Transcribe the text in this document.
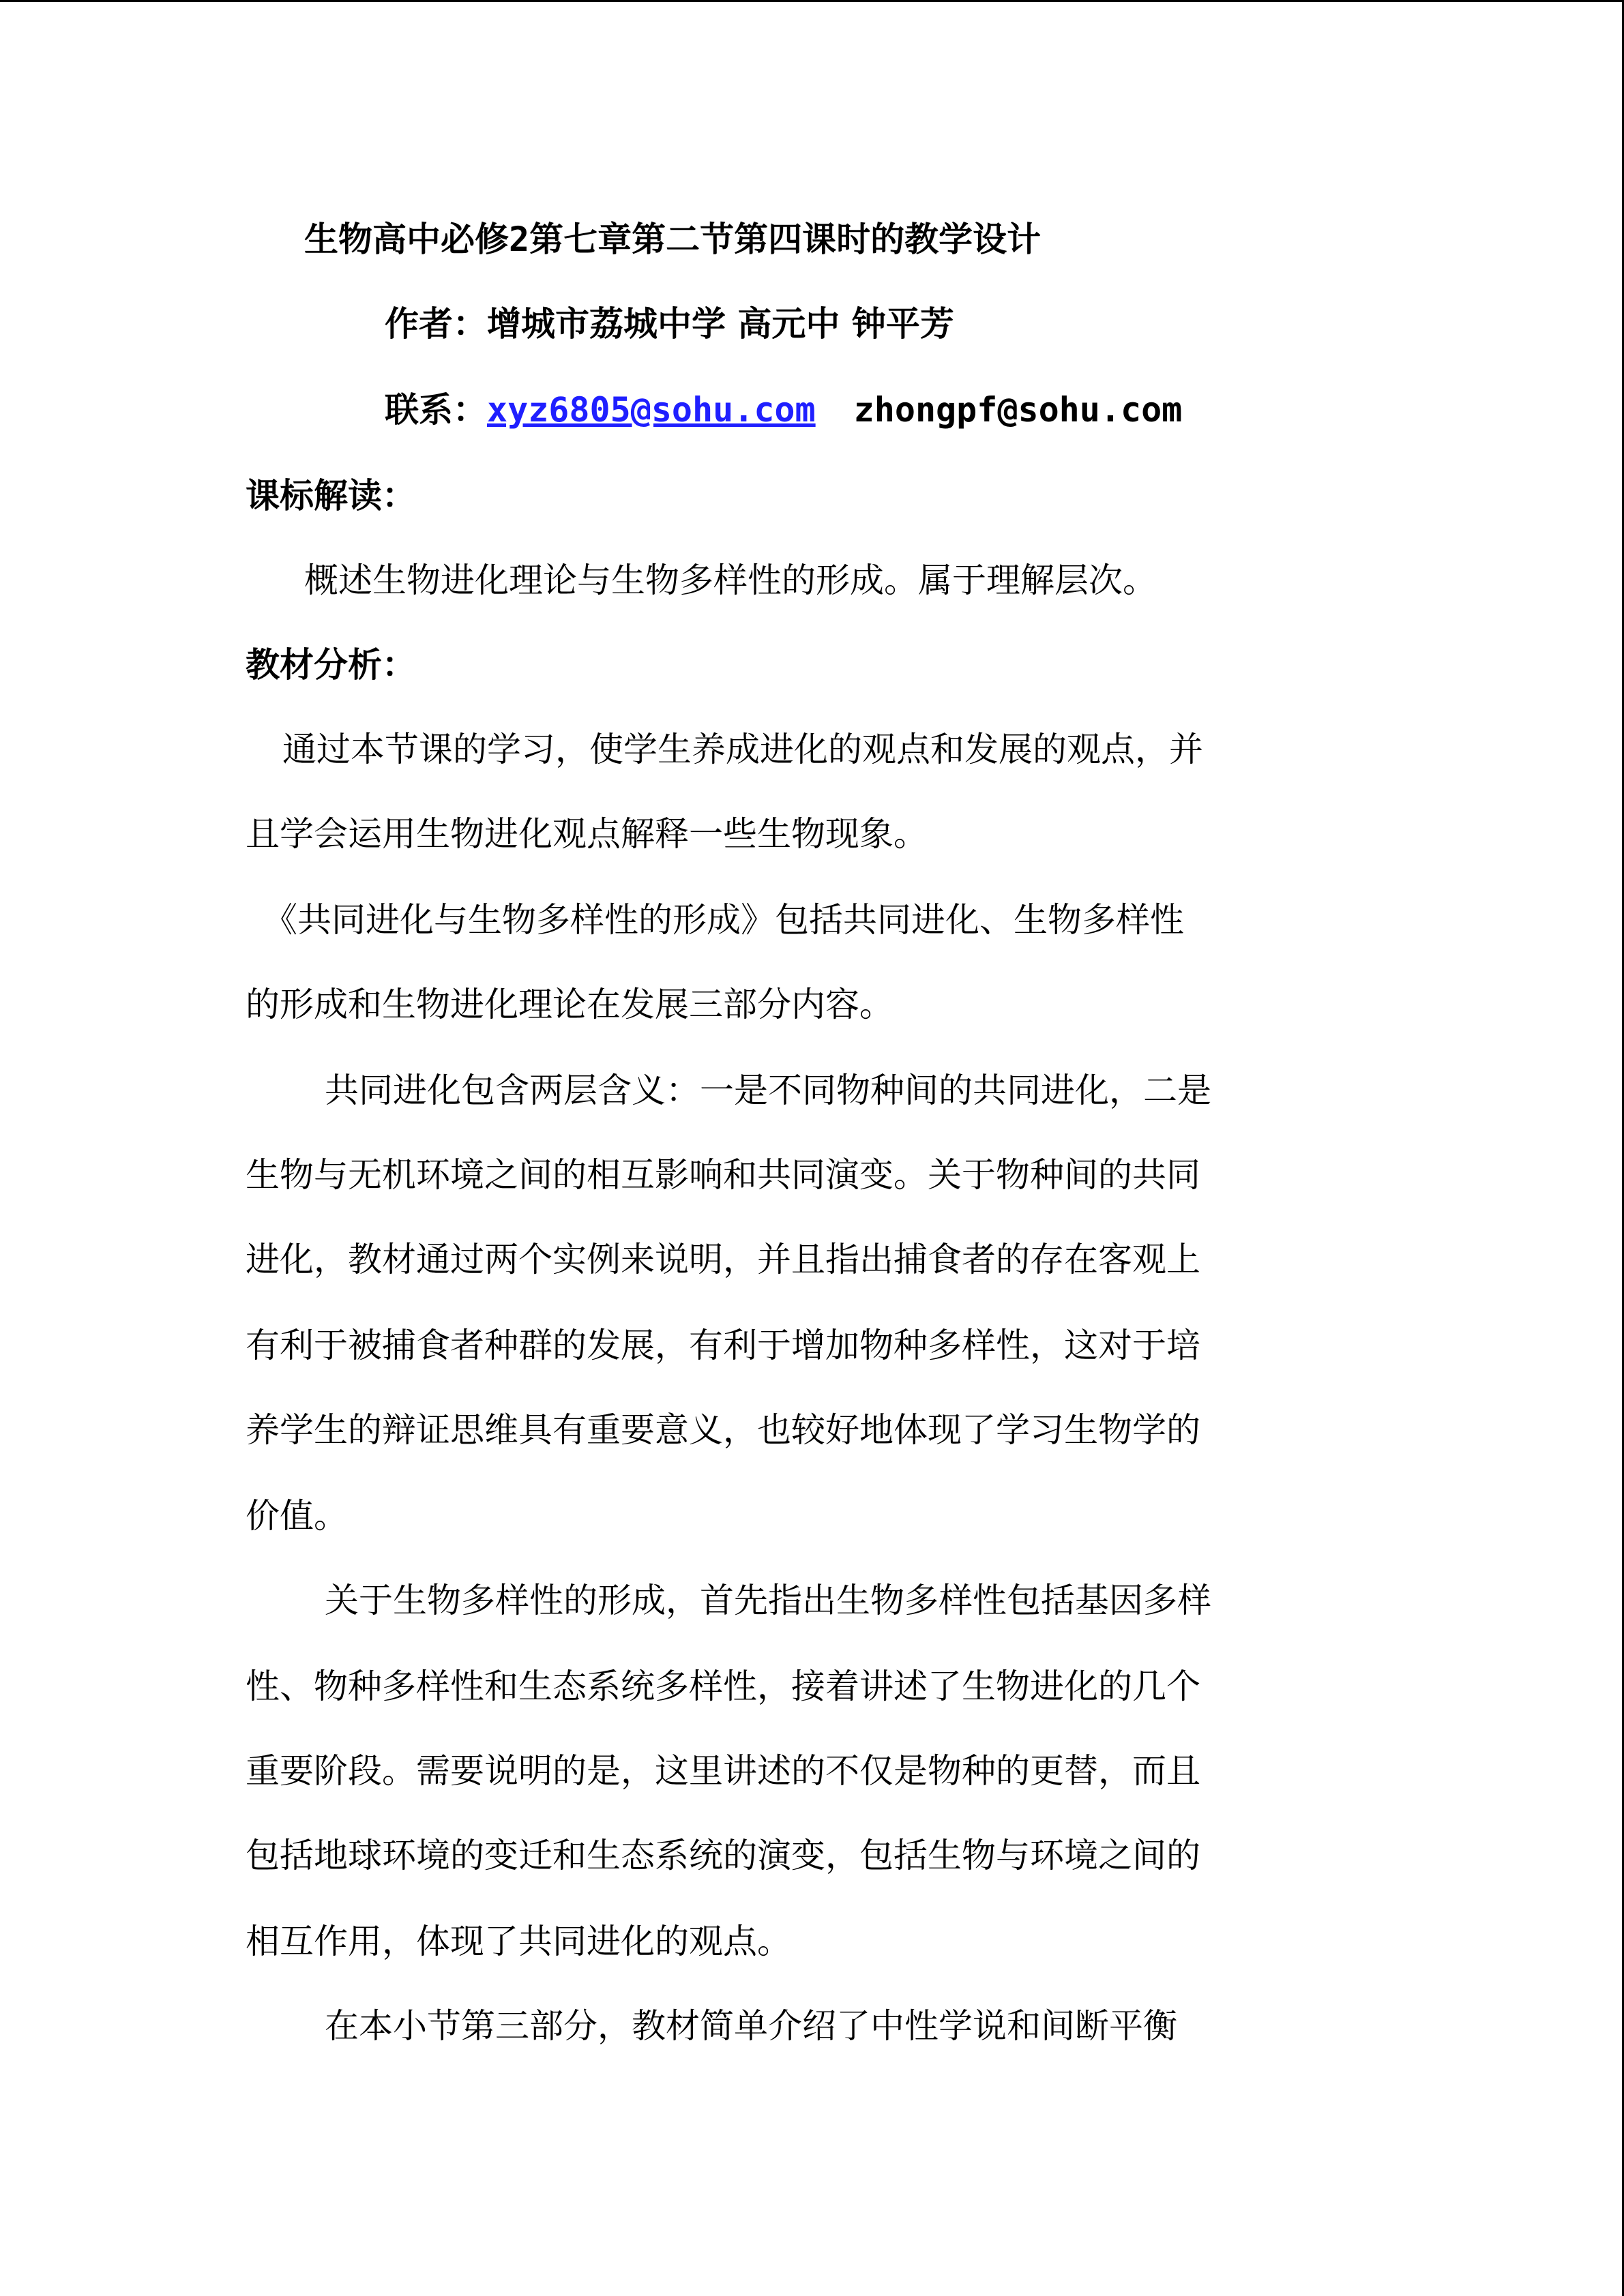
生物高中必修2第七章第二节第四课时的教学设计
作者：增城市荔城中学 高元中 钟平芳
联系：xyz6805@sohu.com zhongpf@sohu.com
课标解读：
概述生物进化理论与生物多样性的形成。属于理解层次。
教材分析：
通过本节课的学习，使学生养成进化的观点和发展的观点，并
且学会运用生物进化观点解释一些生物现象。
《共同进化与生物多样性的形成》包括共同进化、生物多样性
的形成和生物进化理论在发展三部分内容。
共同进化包含两层含义：一是不同物种间的共同进化，二是
生物与无机环境之间的相互影响和共同演变。关于物种间的共同
进化，教材通过两个实例来说明，并且指出捕食者的存在客观上
有利于被捕食者种群的发展，有利于增加物种多样性，这对于培
养学生的辩证思维具有重要意义，也较好地体现了学习生物学的
价值。
关于生物多样性的形成，首先指出生物多样性包括基因多样
性、物种多样性和生态系统多样性，接着讲述了生物进化的几个
重要阶段。需要说明的是，这里讲述的不仅是物种的更替，而且
包括地球环境的变迁和生态系统的演变，包括生物与环境之间的
相互作用，体现了共同进化的观点。
在本小节第三部分，教材简单介绍了中性学说和间断平衡
